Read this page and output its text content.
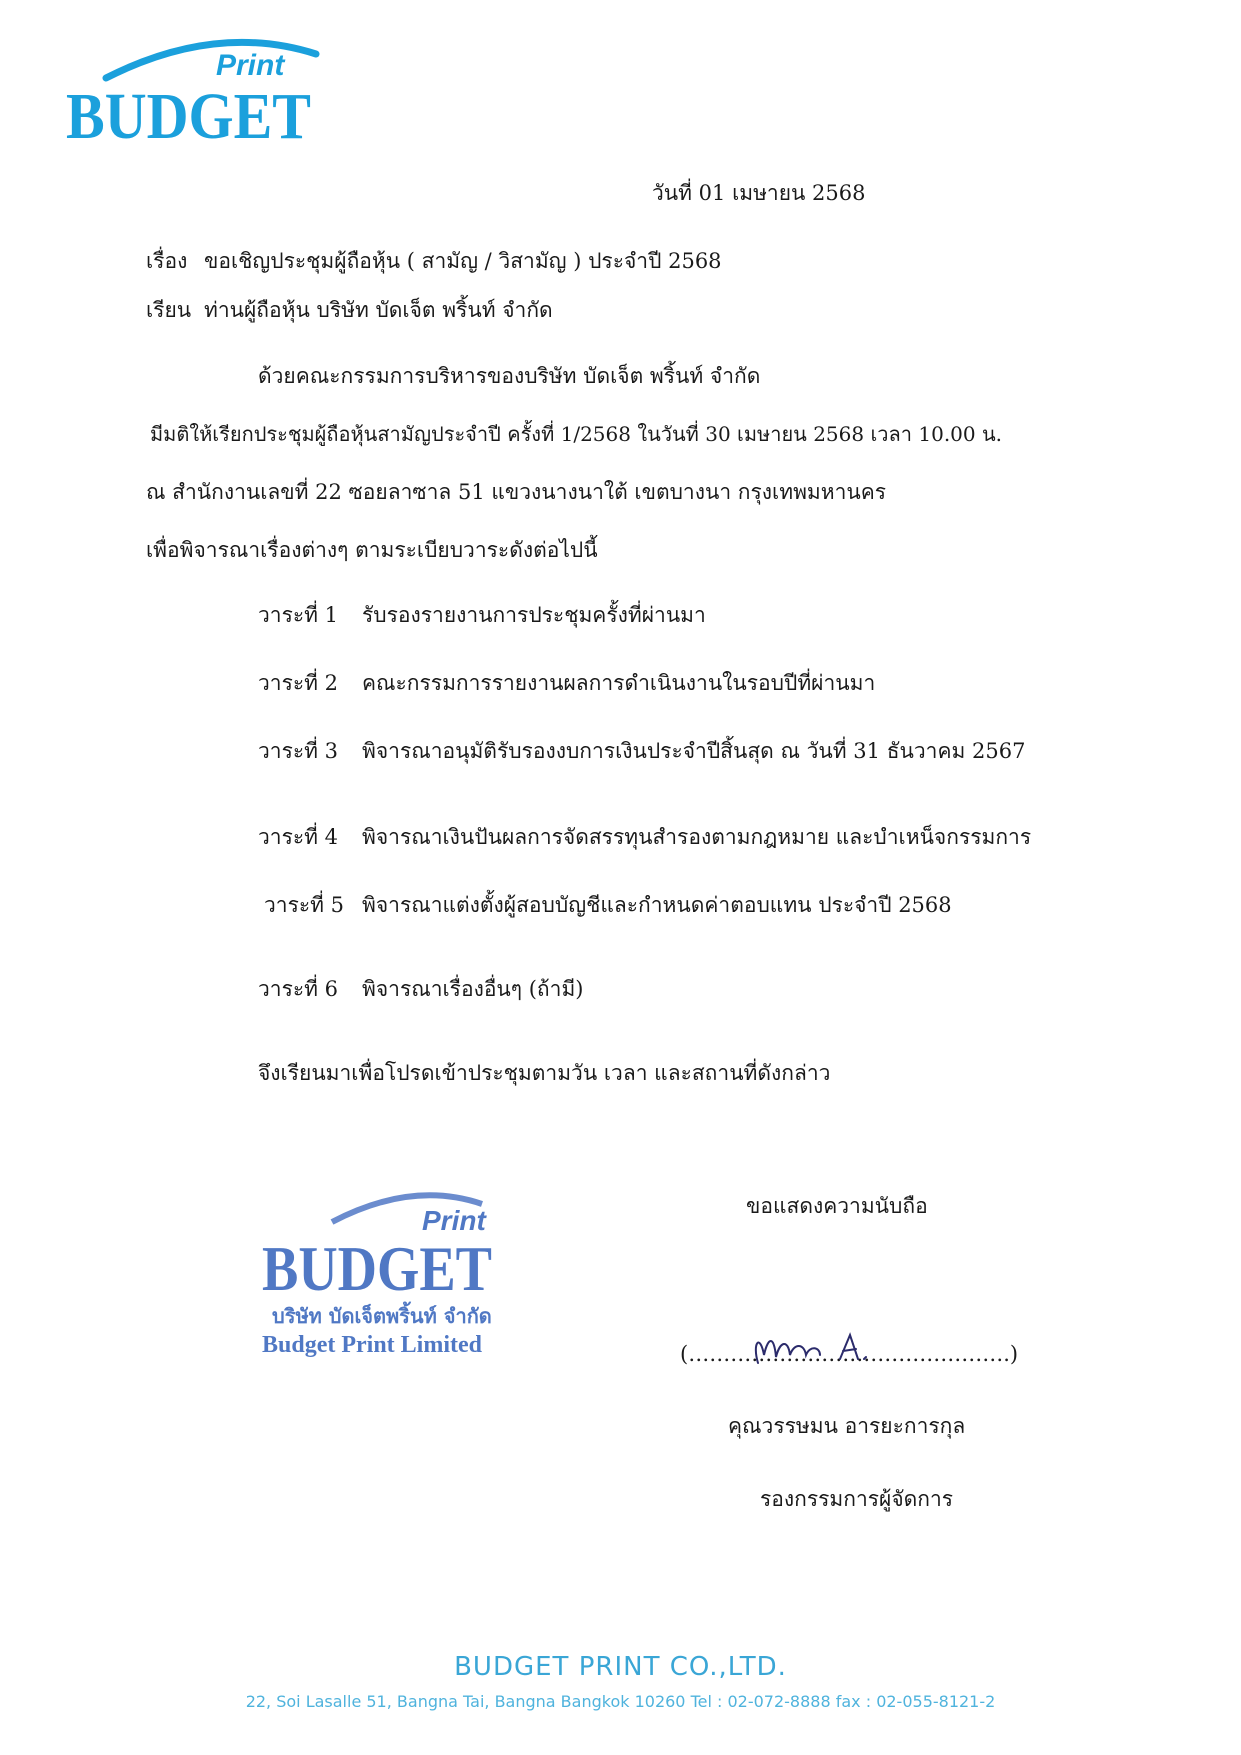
Print
BUDGET
วันที่ 01 เมษายน 2568
เรื่อง ขอเชิญประชุมผู้ถือหุ้น ( สามัญ / วิสามัญ ) ประจำปี 2568
เรียน ท่านผู้ถือหุ้น บริษัท บัดเจ็ต พริ้นท์ จำกัด
ด้วยคณะกรรมการบริหารของบริษัท บัดเจ็ต พริ้นท์ จำกัด
มีมติให้เรียกประชุมผู้ถือหุ้นสามัญประจำปี ครั้งที่ 1/2568 ในวันที่ 30 เมษายน 2568 เวลา 10.00 น.
ณ สำนักงานเลขที่ 22 ซอยลาซาล 51 แขวงนางนาใต้ เขตบางนา กรุงเทพมหานคร
เพื่อพิจารณาเรื่องต่างๆ ตามระเบียบวาระดังต่อไปนี้
วาระที่ 1 รับรองรายงานการประชุมครั้งที่ผ่านมา
วาระที่ 2 คณะกรรมการรายงานผลการดำเนินงานในรอบปีที่ผ่านมา
วาระที่ 3 พิจารณาอนุมัติรับรองงบการเงินประจำปีสิ้นสุด ณ วันที่ 31 ธันวาคม 2567
วาระที่ 4 พิจารณาเงินปันผลการจัดสรรทุนสำรองตามกฎหมาย และบำเหน็จกรรมการ
วาระที่ 5 พิจารณาแต่งตั้งผู้สอบบัญชีและกำหนดค่าตอบแทน ประจำปี 2568
วาระที่ 6 พิจารณาเรื่องอื่นๆ (ถ้ามี)
จึงเรียนมาเพื่อโปรดเข้าประชุมตามวัน เวลา และสถานที่ดังกล่าว
ขอแสดงความนับถือ
Print
BUDGET
บริษัท บัดเจ็ตพริ้นท์ จำกัด
Budget Print Limited	(……………………………………….)
คุณวรรษมน อารยะการกุล
รองกรรมการผู้จัดการ
BUDGET PRINT CO.,LTD.
22, Soi Lasalle 51, Bangna Tai, Bangna Bangkok 10260 Tel : 02-072-8888 fax : 02-055-8121-2
